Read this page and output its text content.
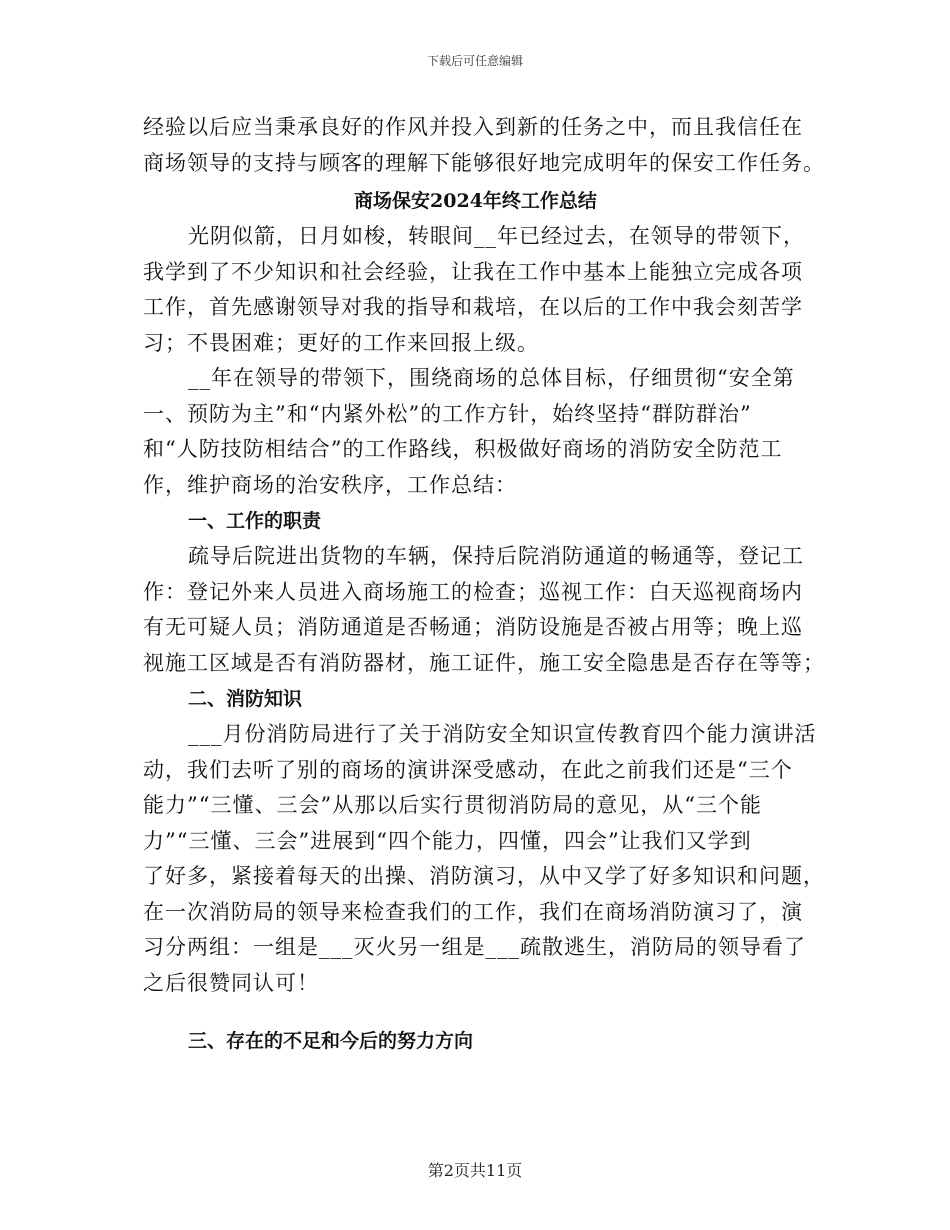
下载后可任意编辑
经验以后应当秉承良好的作风并投入到新的任务之中，而且我信任在
商场领导的支持与顾客的理解下能够很好地完成明年的保安工作任务。
商场保安2024年终工作总结
光阴似箭，日月如梭，转眼间__年已经过去，在领导的带领下，
我学到了不少知识和社会经验，让我在工作中基本上能独立完成各项
工作，首先感谢领导对我的指导和栽培，在以后的工作中我会刻苦学
习；不畏困难；更好的工作来回报上级。
__年在领导的带领下，围绕商场的总体目标，仔细贯彻“安全第
一、预防为主”和“内紧外松”的工作方针，始终坚持“群防群治”
和“人防技防相结合”的工作路线，积极做好商场的消防安全防范工
作，维护商场的治安秩序，工作总结：
一、工作的职责
疏导后院进出货物的车辆，保持后院消防通道的畅通等，登记工
作：登记外来人员进入商场施工的检查；巡视工作：白天巡视商场内
有无可疑人员；消防通道是否畅通；消防设施是否被占用等；晚上巡
视施工区域是否有消防器材，施工证件，施工安全隐患是否存在等等；
二、消防知识
___月份消防局进行了关于消防安全知识宣传教育四个能力演讲活
动，我们去听了别的商场的演讲深受感动，在此之前我们还是“三个
能力”“三懂、三会”从那以后实行贯彻消防局的意见，从“三个能
力”“三懂、三会”进展到“四个能力，四懂，四会”让我们又学到
了好多，紧接着每天的出操、消防演习，从中又学了好多知识和问题，
在一次消防局的领导来检查我们的工作，我们在商场消防演习了，演
习分两组：一组是___灭火另一组是___疏散逃生，消防局的领导看了
之后很赞同认可！
三、存在的不足和今后的努力方向
第2页共11页
